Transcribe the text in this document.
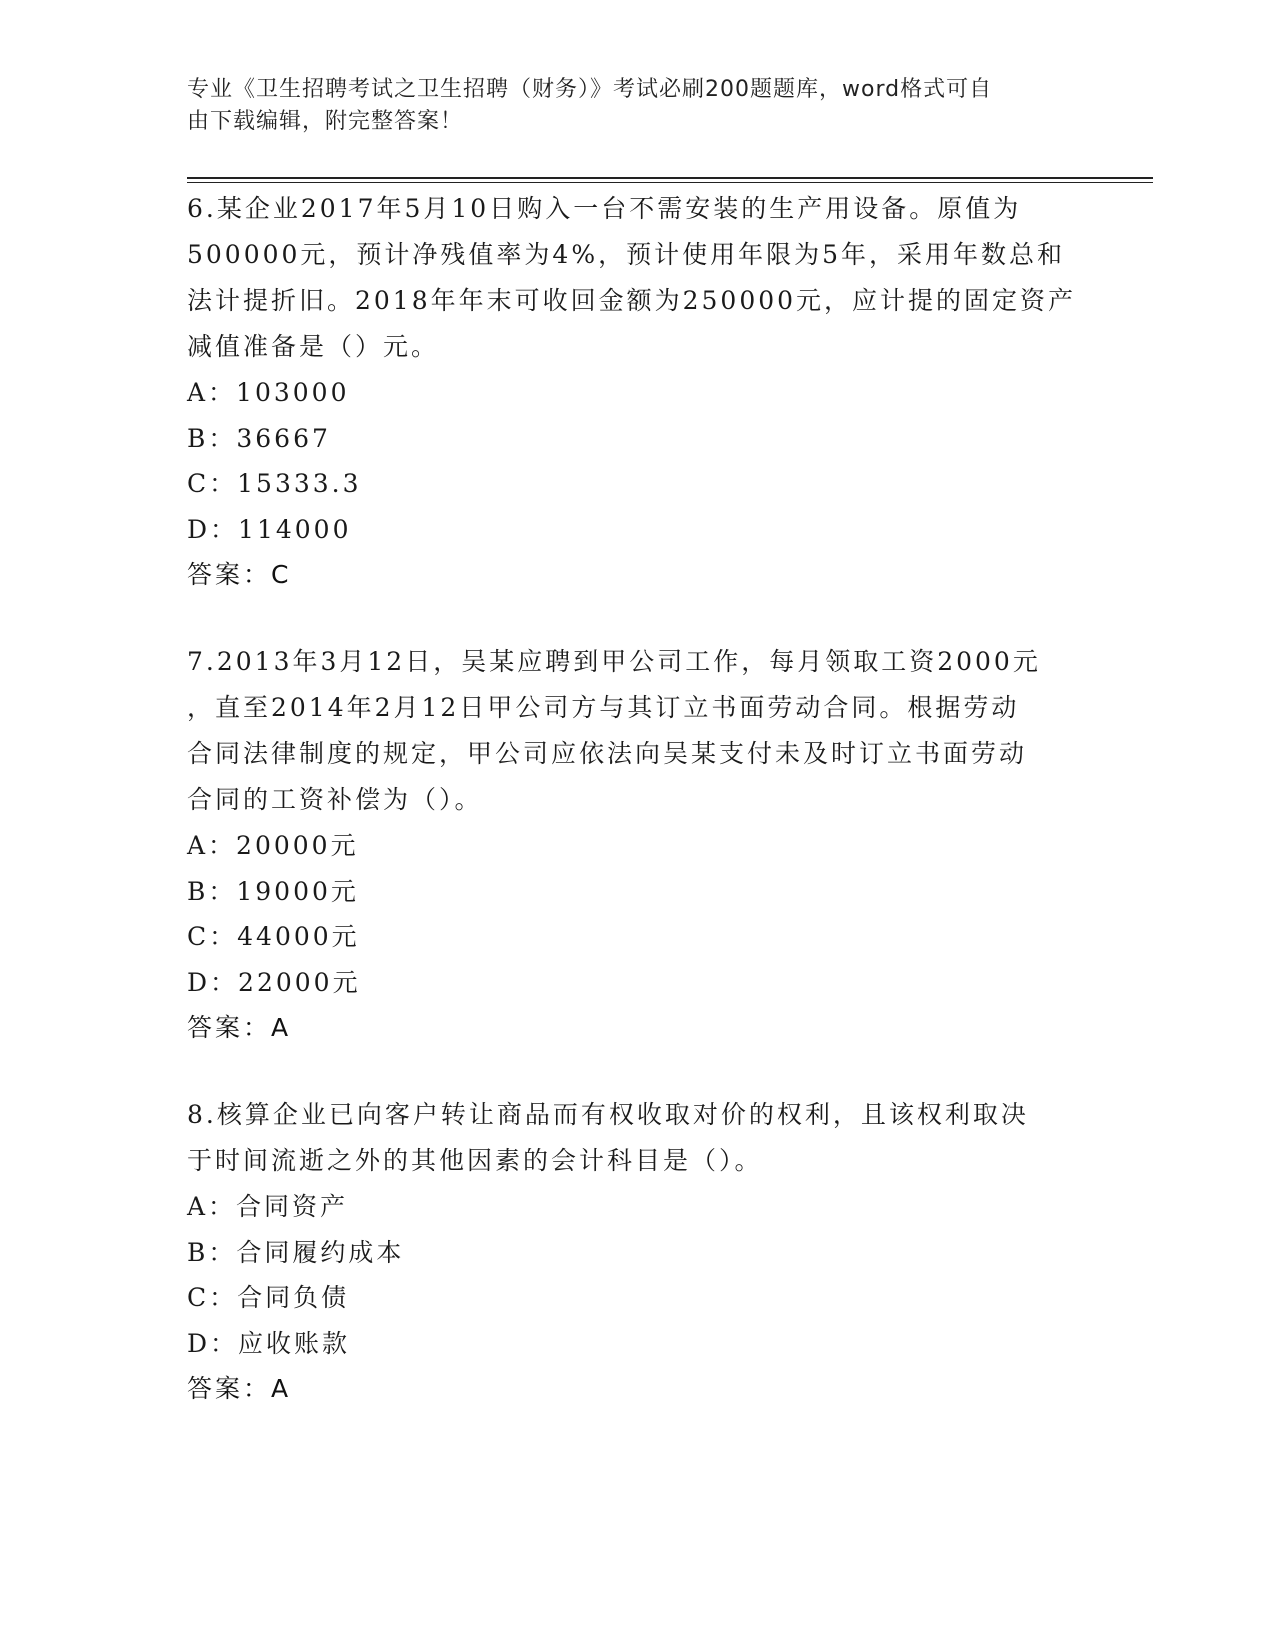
专业《卫生招聘考试之卫生招聘（财务）》考试必刷200题题库，word格式可自
由下载编辑，附完整答案！

6.某企业2017年5月10日购入一台不需安装的生产用设备。原值为

500000元，预计净残值率为4%，预计使用年限为5年，采用年数总和

法计提折旧。2018年年末可收回金额为250000元，应计提的固定资产

减值准备是（）元。

A：103000

B：36667

C：15333.3

D：114000

答案：C

7.2013年3月12日，吴某应聘到甲公司工作，每月领取工资2000元

，直至2014年2月12日甲公司方与其订立书面劳动合同。根据劳动

合同法律制度的规定，甲公司应依法向吴某支付未及时订立书面劳动

合同的工资补偿为（）。

A：20000元

B：19000元

C：44000元

D：22000元

答案：A

8.核算企业已向客户转让商品而有权收取对价的权利，且该权利取决

于时间流逝之外的其他因素的会计科目是（）。

A：合同资产

B：合同履约成本

C：合同负债

D：应收账款

答案：A
